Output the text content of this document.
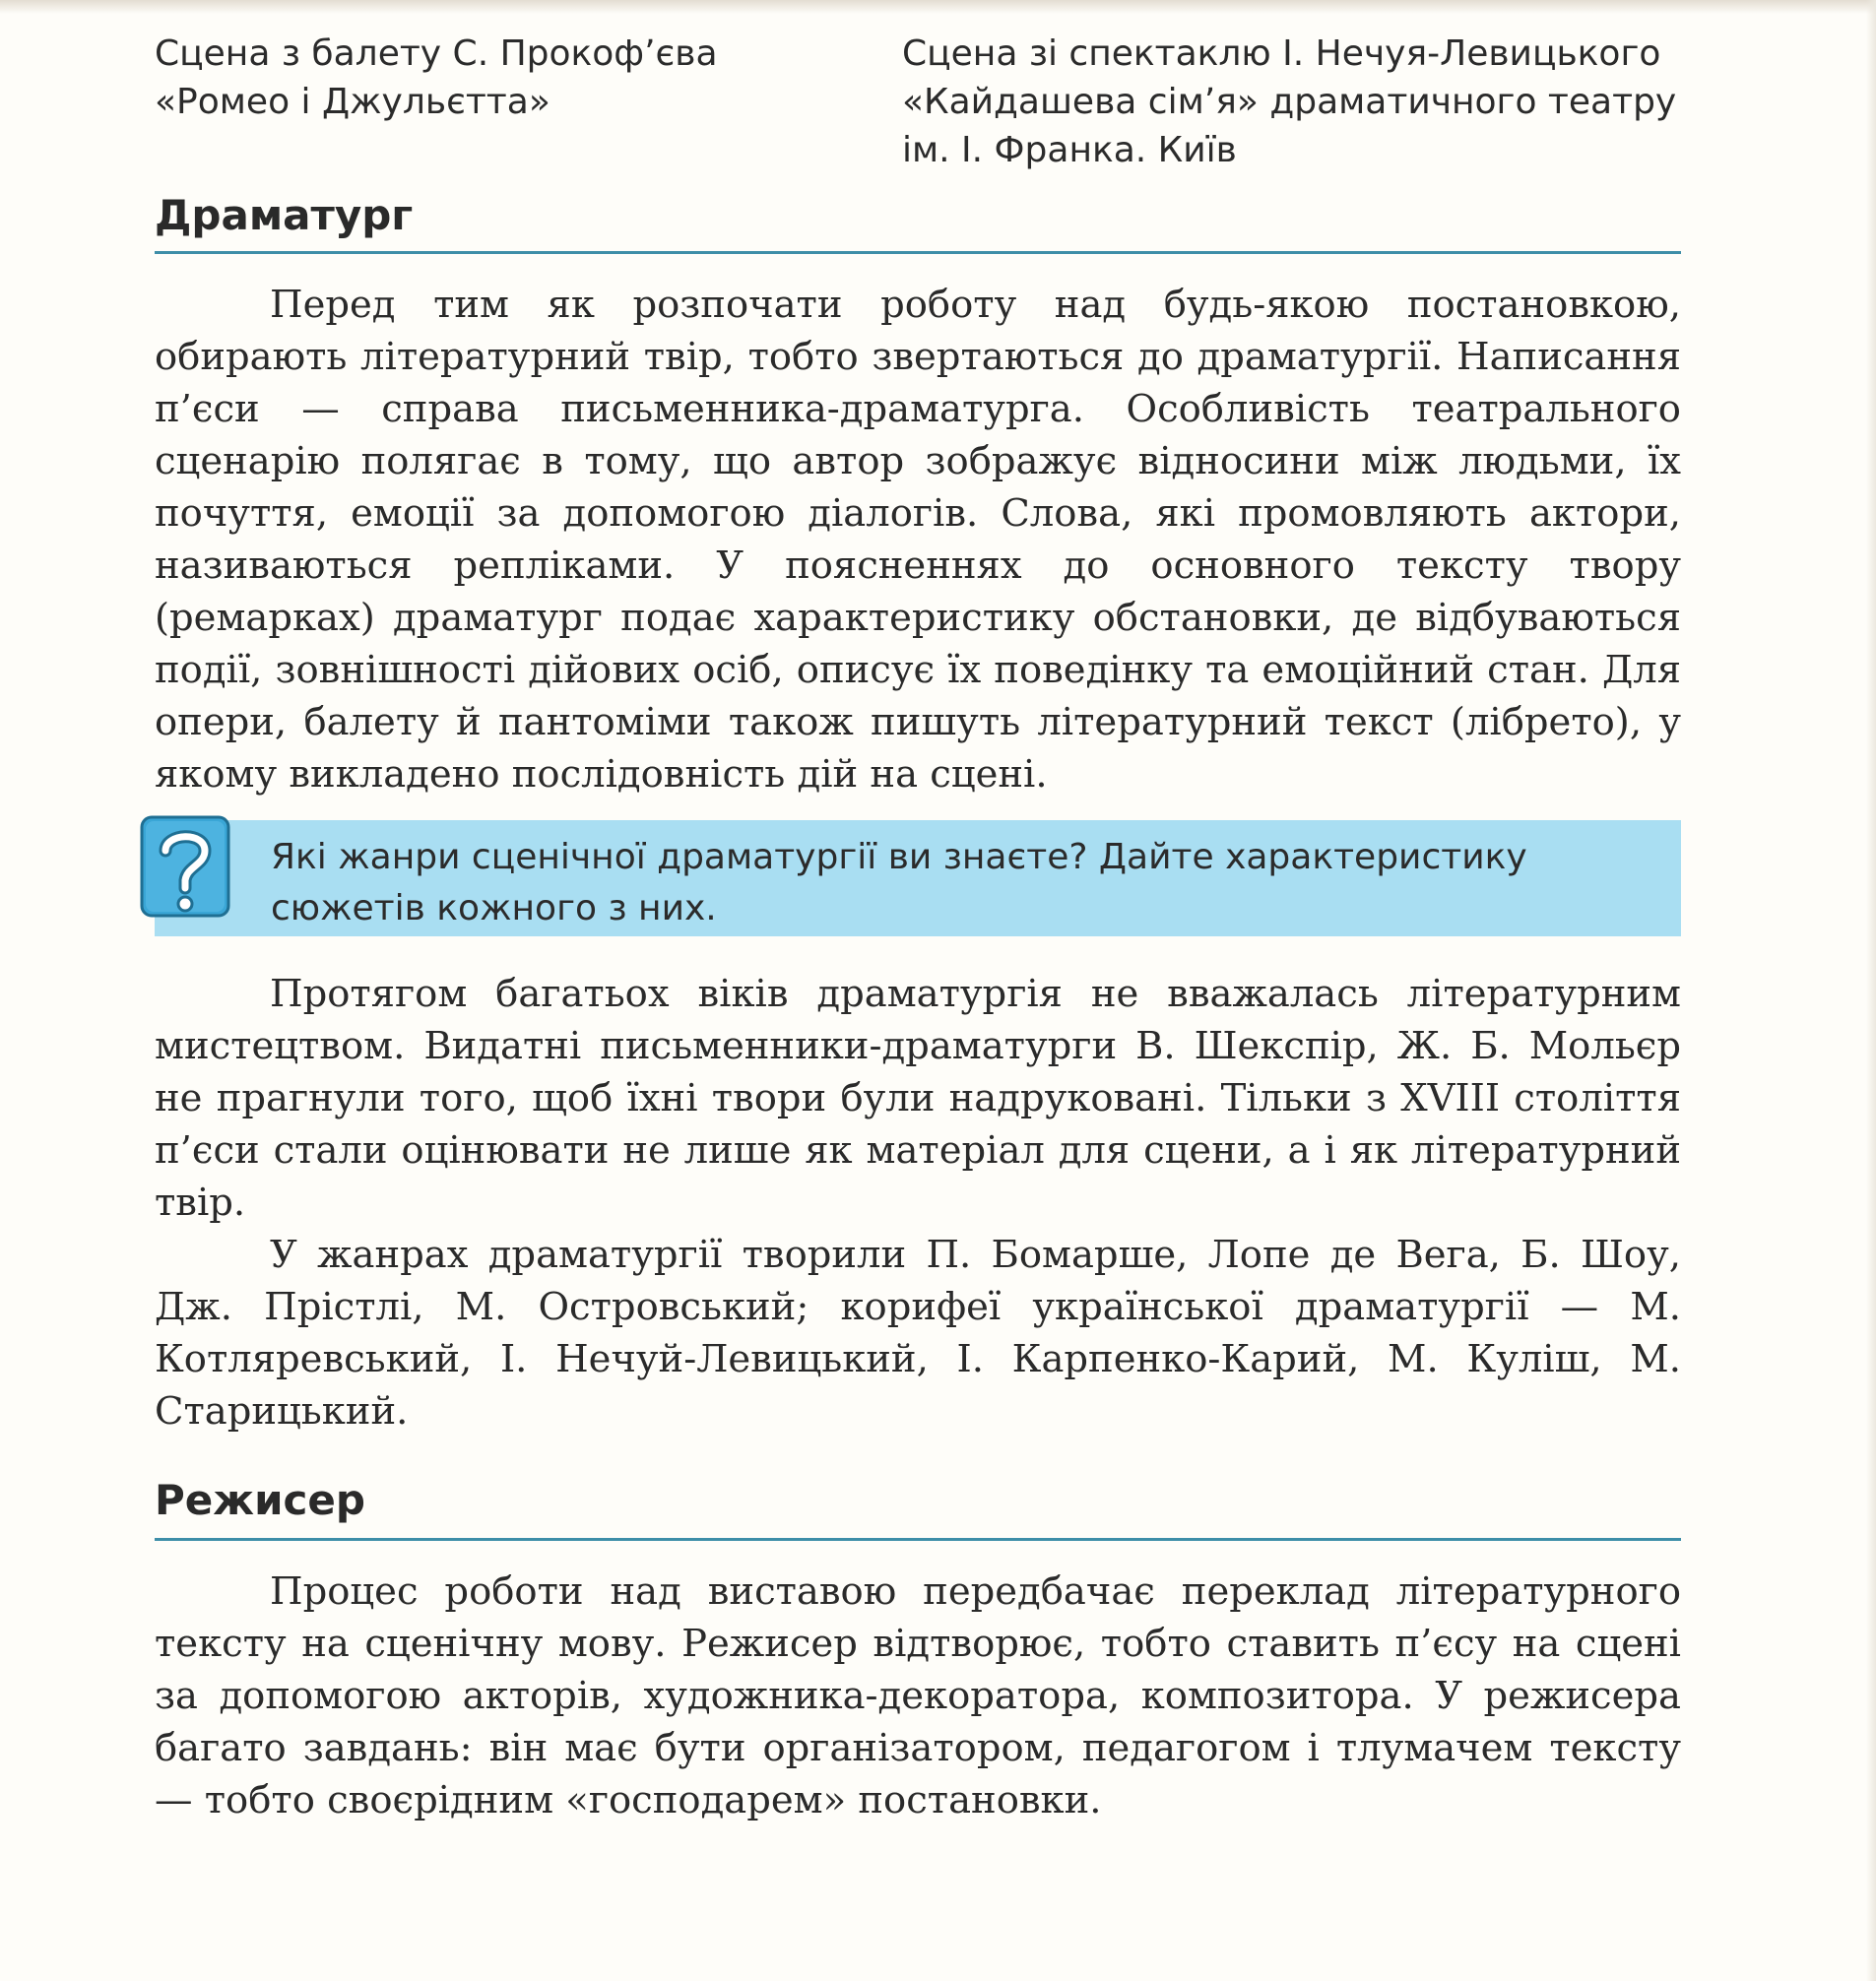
Сцена з балету С. Прокоф’єва
«Ромео і Джульєтта»
Сцена зі спектаклю І. Нечуя-Левицького
«Кайдашева сім’я» драматичного театру
ім. І. Франка. Київ
Драматург

Перед тим як розпочати роботу над будь-якою постановкою, обирають літературний твір, тобто звертаються до драматургії. Написання п’єси — справа письменника-драматурга. Особливість театрального сценарію полягає в тому, що автор зображує відносини між людьми, їх почуття, емоції за допомогою діалогів. Слова, які промовляють актори, називаються репліками. У поясненнях до основного тексту твору (ремарках) драматург подає характеристику обстановки, де відбуваються події, зовнішності дійових осіб, описує їх поведінку та емоційний стан. Для опери, балету й пантоміми також пишуть літературний текст (лібрето), у якому викладено послідовність дій на сцені.

Які жанри сценічної драматургії ви знаєте? Дайте характеристику сюжетів кожного з них.

Протягом багатьох віків драматургія не вважалась літературним мистецтвом. Видатні письменники-драматурги В. Шекспір, Ж. Б. Мольєр не прагнули того, щоб їхні твори були надруковані. Тільки з XVIII століття п’єси стали оцінювати не лише як матеріал для сцени, а і як літературний твір.

У жанрах драматургії творили П. Бомарше, Лопе де Вега, Б. Шоу, Дж. Прістлі, М. Островський; корифеї української драматургії — М. Котляревський, І. Нечуй-Левицький, І. Карпенко-Карий, М. Куліш, М. Старицький.

Режисер

Процес роботи над виставою передбачає переклад літературного тексту на сценічну мову. Режисер відтворює, тобто ставить п’єсу на сцені за допомогою акторів, художника-декоратора, композитора. У режисера багато завдань: він має бути організатором, педагогом і тлумачем тексту — тобто своєрідним «господарем» постановки.
